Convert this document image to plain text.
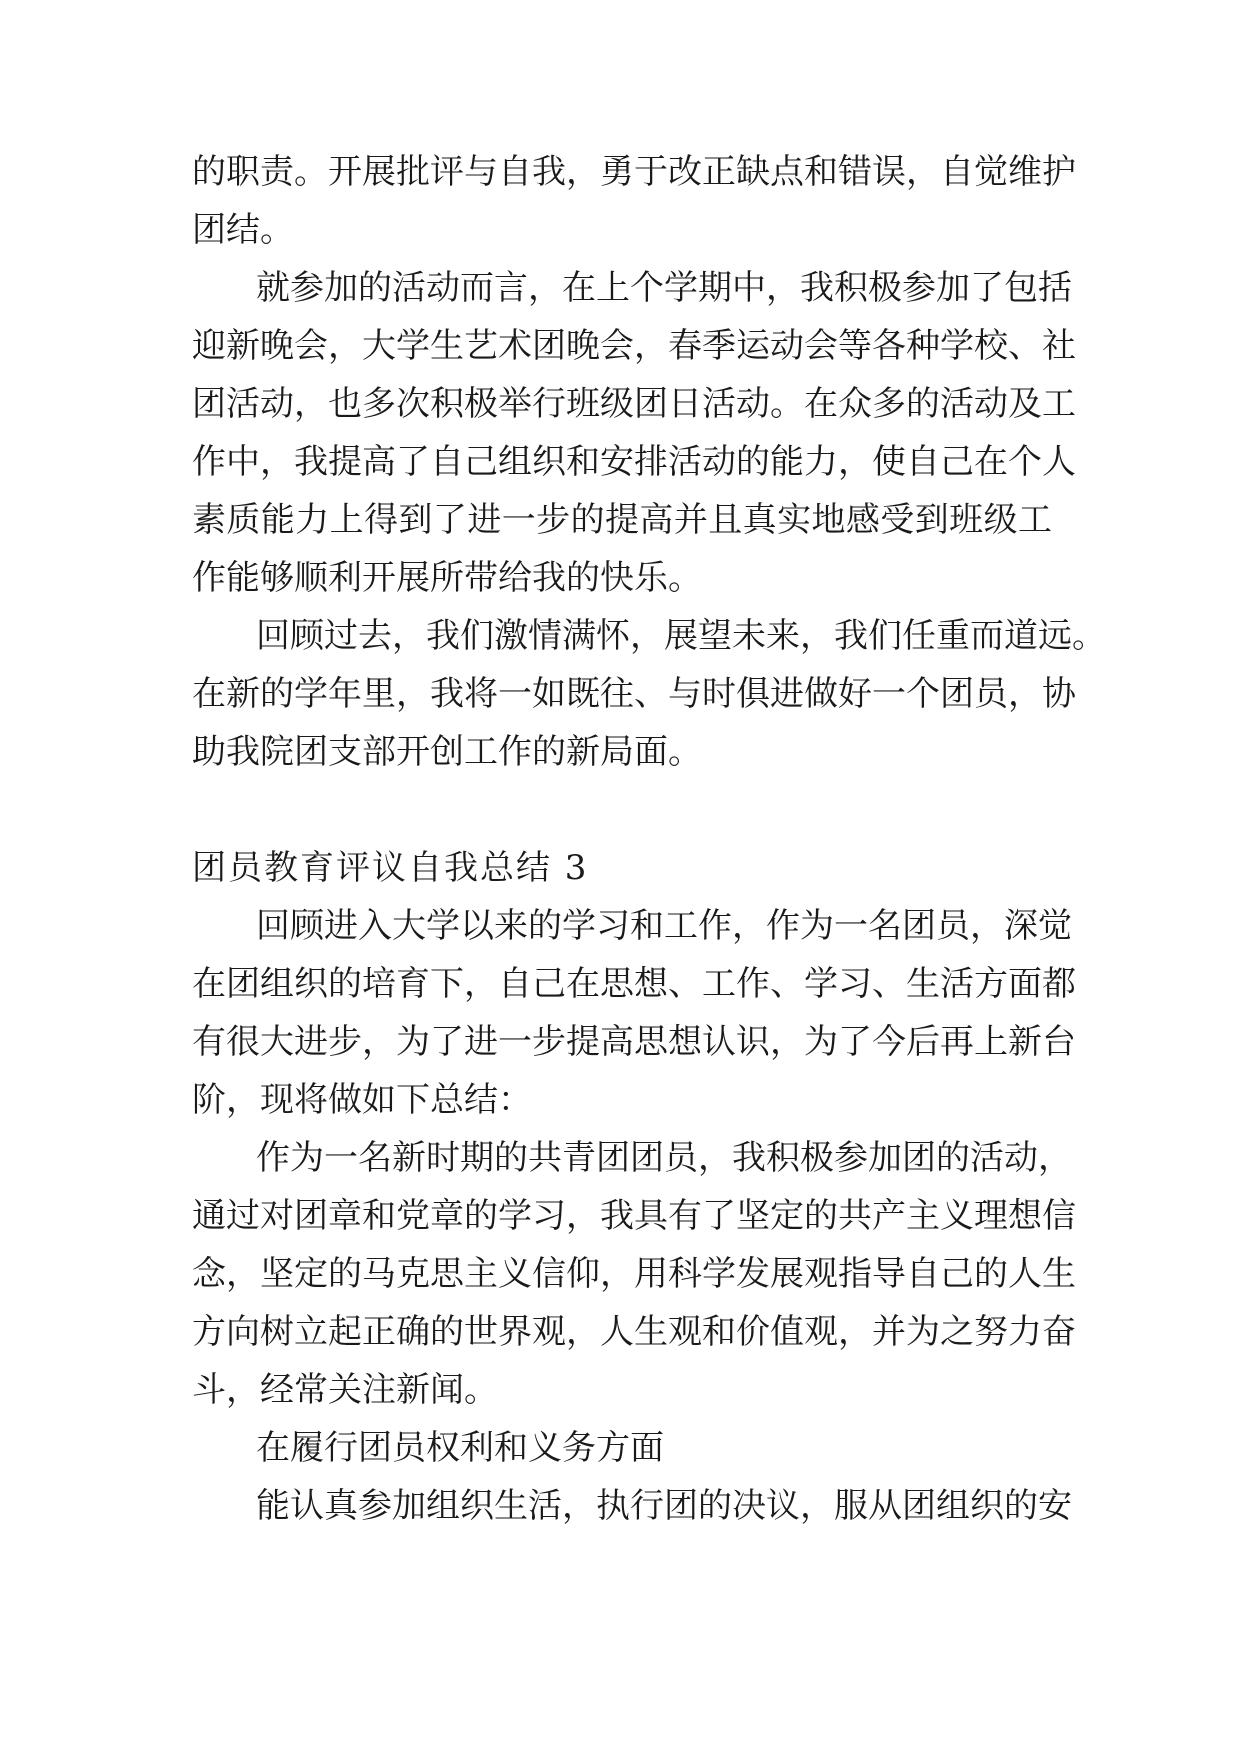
的职责。开展批评与自我，勇于改正缺点和错误，自觉维护
团结。
就参加的活动而言，在上个学期中，我积极参加了包括
迎新晚会，大学生艺术团晚会，春季运动会等各种学校、社
团活动，也多次积极举行班级团日活动。在众多的活动及工
作中，我提高了自己组织和安排活动的能力，使自己在个人
素质能力上得到了进一步的提高并且真实地感受到班级工
作能够顺利开展所带给我的快乐。
回顾过去，我们激情满怀，展望未来，我们任重而道远。
在新的学年里，我将一如既往、与时俱进做好一个团员，协
助我院团支部开创工作的新局面。
团员教育评议自我总结 3
回顾进入大学以来的学习和工作，作为一名团员，深觉
在团组织的培育下，自己在思想、工作、学习、生活方面都
有很大进步，为了进一步提高思想认识，为了今后再上新台
阶，现将做如下总结：
作为一名新时期的共青团团员，我积极参加团的活动，
通过对团章和党章的学习，我具有了坚定的共产主义理想信
念，坚定的马克思主义信仰，用科学发展观指导自己的人生
方向树立起正确的世界观，人生观和价值观，并为之努力奋
斗，经常关注新闻。
在履行团员权利和义务方面
能认真参加组织生活，执行团的决议，服从团组织的安
